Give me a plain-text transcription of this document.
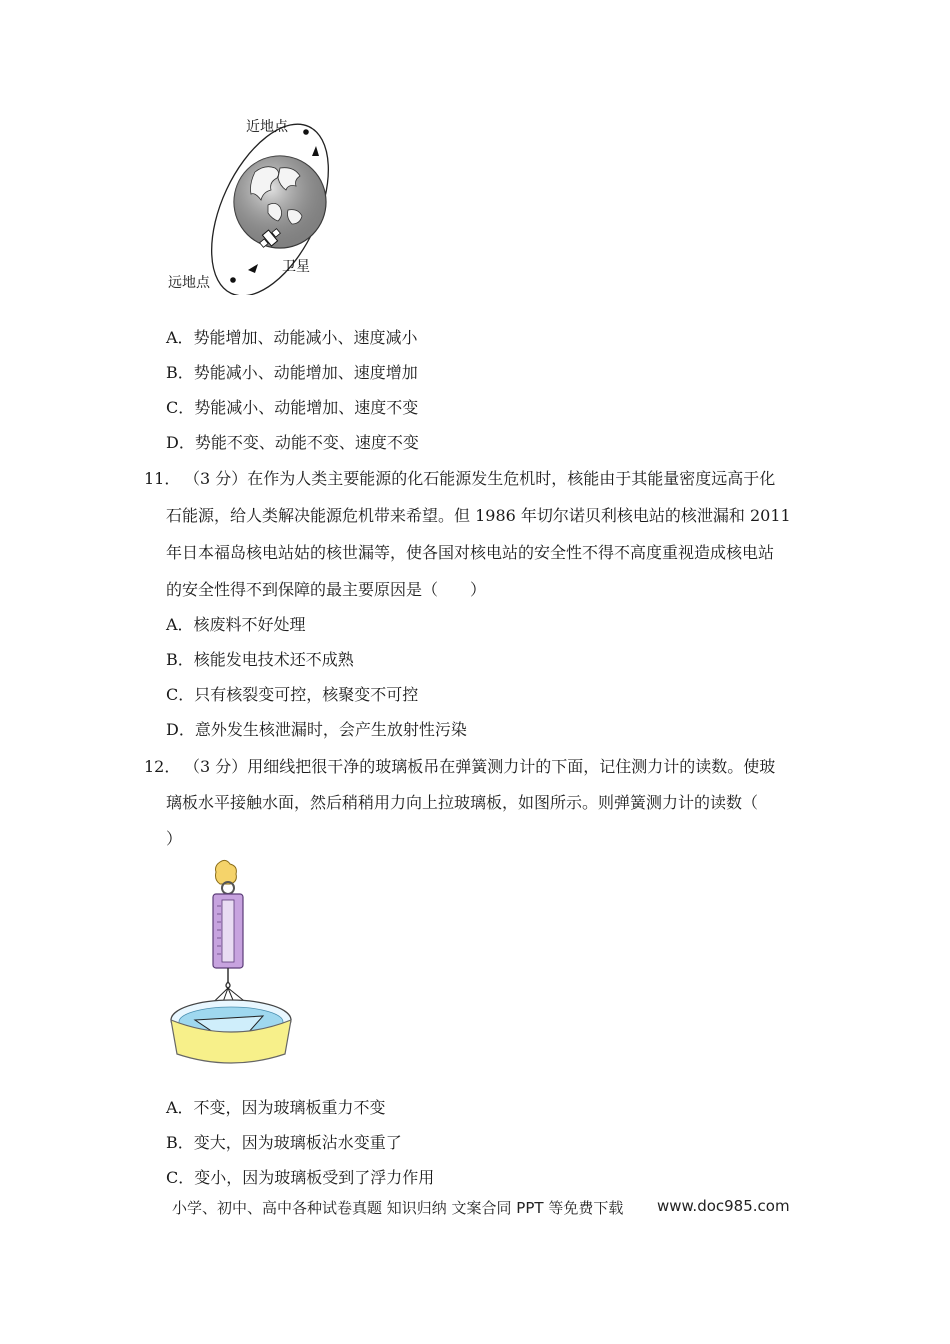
近地点
远地点
卫星
A．势能增加、动能减小、速度减小
B．势能减小、动能增加、速度增加
C．势能减小、动能增加、速度不变
D．势能不变、动能不变、速度不变
11． （3 分）在作为人类主要能源的化石能源发生危机时，核能由于其能量密度远高于化
石能源，给人类解决能源危机带来希望。但 1986 年切尔诺贝利核电站的核泄漏和 2011
年日本福岛核电站姑的核世漏等，使各国对核电站的安全性不得不高度重视造成核电站
的安全性得不到保障的最主要原因是（　　）
A．核废料不好处理
B．核能发电技术还不成熟
C．只有核裂变可控，核聚变不可控
D．意外发生核泄漏时，会产生放射性污染
12． （3 分）用细线把很干净的玻璃板吊在弹簧测力计的下面，记住测力计的读数。使玻
璃板水平接触水面，然后稍稍用力向上拉玻璃板，如图所示。则弹簧测力计的读数（
）
A．不变，因为玻璃板重力不变
B．变大，因为玻璃板沾水变重了
C．变小，因为玻璃板受到了浮力作用
小学、初中、高中各种试卷真题 知识归纳 文案合同 PPT 等免费下载 www.doc985.com
